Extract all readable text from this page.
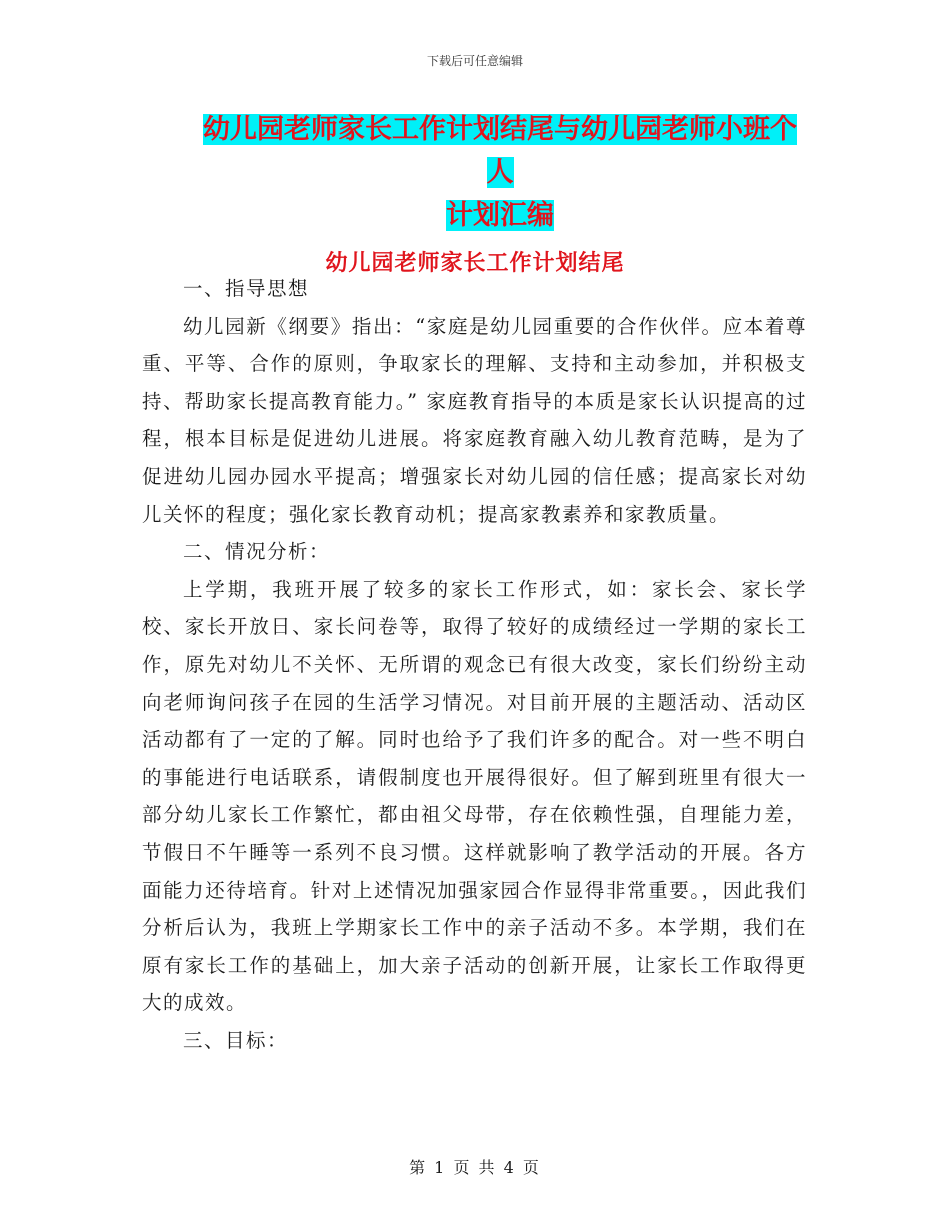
下载后可任意编辑
幼儿园老师家长工作计划结尾与幼儿园老师小班个人
计划汇编
幼儿园老师家长工作计划结尾

一、指导思想

幼儿园新《纲要》指出：“家庭是幼儿园重要的合作伙伴。应本着尊重、平等、合作的原则，争取家长的理解、支持和主动参加，并积极支持、帮助家长提高教育能力。” 家庭教育指导的本质是家长认识提高的过程，根本目标是促进幼儿进展。将家庭教育融入幼儿教育范畴，是为了促进幼儿园办园水平提高；增强家长对幼儿园的信任感；提高家长对幼儿关怀的程度；强化家长教育动机；提高家教素养和家教质量。

二、情况分析：

上学期，我班开展了较多的家长工作形式，如：家长会、家长学校、家长开放日、家长问卷等，取得了较好的成绩经过一学期的家长工作，原先对幼儿不关怀、无所谓的观念已有很大改变，家长们纷纷主动向老师询问孩子在园的生活学习情况。对目前开展的主题活动、活动区活动都有了一定的了解。同时也给予了我们许多的配合。对一些不明白的事能进行电话联系，请假制度也开展得很好。但了解到班里有很大一部分幼儿家长工作繁忙，都由祖父母带，存在依赖性强，自理能力差，节假日不午睡等一系列不良习惯。这样就影响了教学活动的开展。各方面能力还待培育。针对上述情况加强家园合作显得非常重要。，因此我们分析后认为，我班上学期家长工作中的亲子活动不多。本学期，我们在原有家长工作的基础上，加大亲子活动的创新开展，让家长工作取得更大的成效。

三、目标：

第 1 页 共 4 页
